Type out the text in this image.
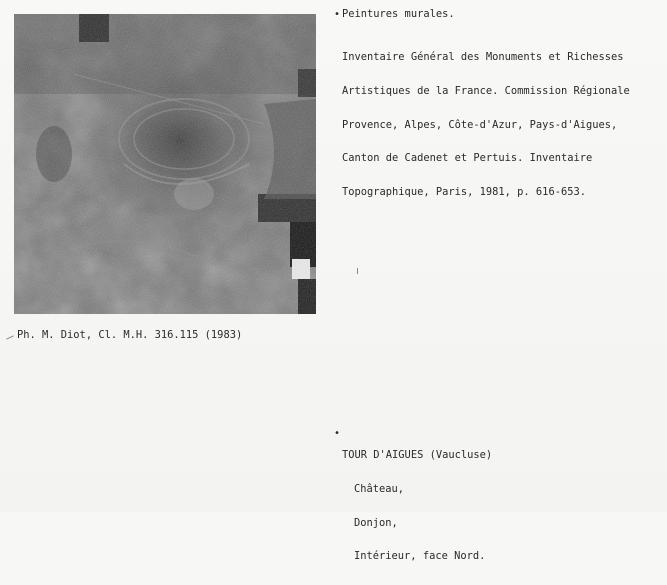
• Peintures murales.

Inventaire Général des Monuments et Richesses

Artistiques de la France. Commission Régionale

Provence, Alpes, Côte-d'Azur, Pays-d'Aigues,

Canton de Cadenet et Pertuis. Inventaire

Topographique, Paris, 1981, p. 616-653.

Ph. M. Diot, Cl. M.H. 316.115 (1983)
•

TOUR D'AIGUES (Vaucluse)

Château,

Donjon,

Intérieur, face Nord.
